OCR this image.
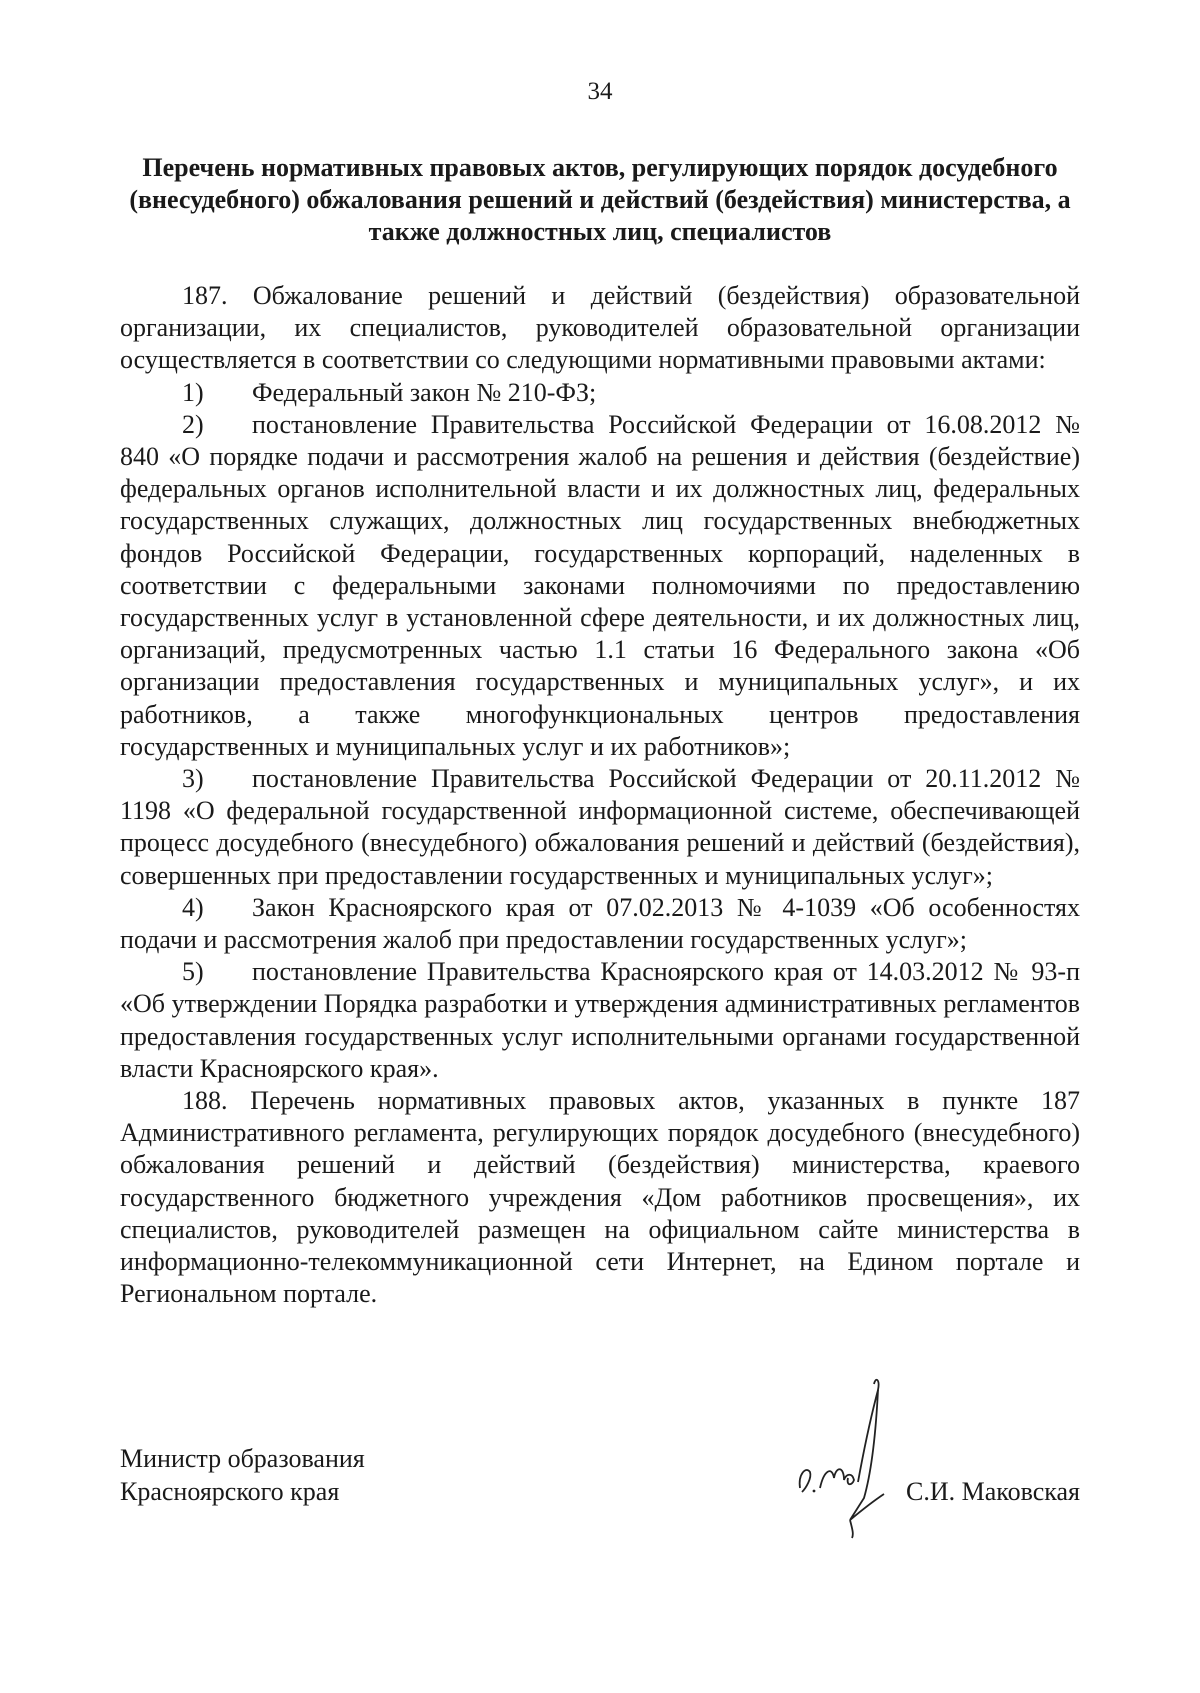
34
Перечень нормативных правовых актов, регулирующих порядок досудебного (внесудебного) обжалования решений и действий (бездействия) министерства, а также должностных лиц, специалистов

187. Обжалование решений и действий (бездействия) образовательной организации, их специалистов, руководителей образовательной организации осуществляется в соответствии со следующими нормативными правовыми актами:

1) Федеральный закон № 210-ФЗ;

2) постановление Правительства Российской Федерации от 16.08.2012 № 840 «О порядке подачи и рассмотрения жалоб на решения и действия (бездействие) федеральных органов исполнительной власти и их должностных лиц, федеральных государственных служащих, должностных лиц государственных внебюджетных фондов Российской Федерации, государственных корпораций, наделенных в соответствии с федеральными законами полномочиями по предоставлению государственных услуг в установленной сфере деятельности, и их должностных лиц, организаций, предусмотренных частью 1.1 статьи 16 Федерального закона «Об организации предоставления государственных и муниципальных услуг», и их работников, а также многофункциональных центров предоставления государственных и муниципальных услуг и их работников»;

3) постановление Правительства Российской Федерации от 20.11.2012 № 1198 «О федеральной государственной информационной системе, обеспечивающей процесс досудебного (внесудебного) обжалования решений и действий (бездействия), совершенных при предоставлении государственных и муниципальных услуг»;

4) Закон Красноярского края от 07.02.2013 № 4-1039 «Об особенностях подачи и рассмотрения жалоб при предоставлении государственных услуг»;

5) постановление Правительства Красноярского края от 14.03.2012 № 93-п «Об утверждении Порядка разработки и утверждения административных регламентов предоставления государственных услуг исполнительными органами государственной власти Красноярского края».

188. Перечень нормативных правовых актов, указанных в пункте 187 Административного регламента, регулирующих порядок досудебного (внесудебного) обжалования решений и действий (бездействия) министерства, краевого государственного бюджетного учреждения «Дом работников просвещения», их специалистов, руководителей размещен на официальном сайте министерства в информационно-телекоммуникационной сети Интернет, на Едином портале и Региональном портале.

Министр образования
Красноярского края	С.И. Маковская
